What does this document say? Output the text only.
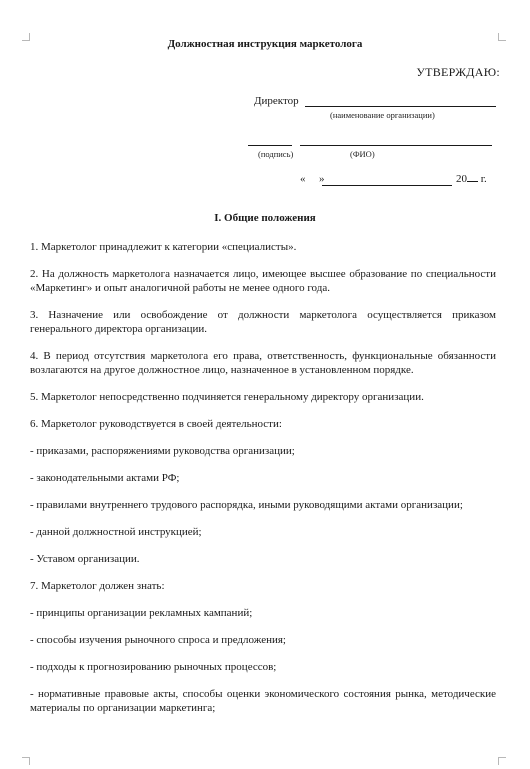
Должностная инструкция маркетолога
УТВЕРЖДАЮ:
Директор
(наименование организации)
(подпись)	(ФИО)
« »	20 г.
I. Общие положения

1. Маркетолог принадлежит к категории «специалисты».

2. На должность маркетолога назначается лицо, имеющее высшее образование по специальности «Маркетинг» и опыт аналогичной работы не менее одного года.

3. Назначение или освобождение от должности маркетолога осуществляется приказом генерального директора организации.

4. В период отсутствия маркетолога его права, ответственность, функциональные обязанности возлагаются на другое должностное лицо, назначенное в установленном порядке.

5. Маркетолог непосредственно подчиняется генеральному директору организации.

6. Маркетолог руководствуется в своей деятельности:

- приказами, распоряжениями руководства организации;

- законодательными актами РФ;

- правилами внутреннего трудового распорядка, иными руководящими актами организации;

- данной должностной инструкцией;

- Уставом организации.

7. Маркетолог должен знать:

- принципы организации рекламных кампаний;

- способы изучения рыночного спроса и предложения;

- подходы к прогнозированию рыночных процессов;

- нормативные правовые акты, способы оценки экономического состояния рынка, методические материалы по организации маркетинга;
